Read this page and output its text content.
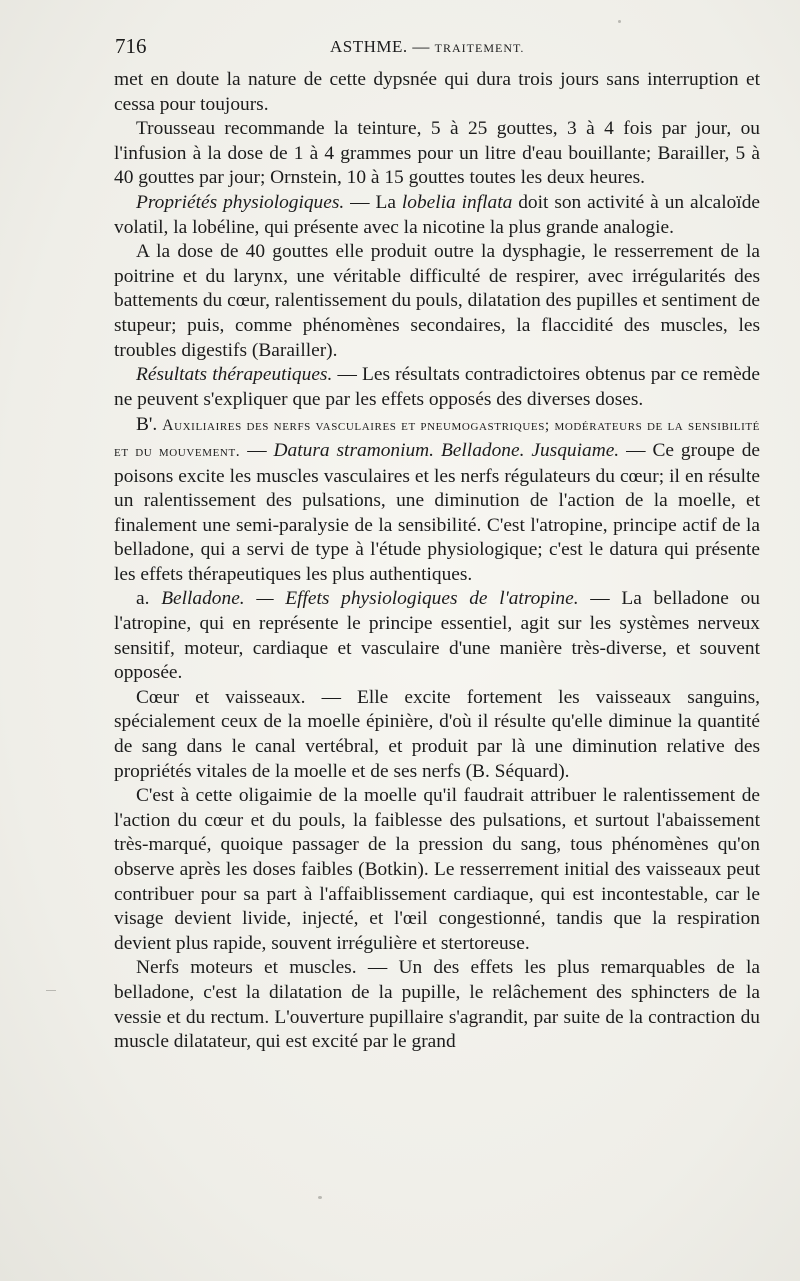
716	ASTHME. — TRAITEMENT.

met en doute la nature de cette dypsnée qui dura trois jours sans interruption et cessa pour toujours.

Trousseau recommande la teinture, 5 à 25 gouttes, 3 à 4 fois par jour, ou l'infusion à la dose de 1 à 4 grammes pour un litre d'eau bouillante; Barailler, 5 à 40 gouttes par jour; Ornstein, 10 à 15 gouttes toutes les deux heures.

Propriétés physiologiques. — La lobelia inflata doit son activité à un alcaloïde volatil, la lobéline, qui présente avec la nicotine la plus grande analogie.

A la dose de 40 gouttes elle produit outre la dysphagie, le resserrement de la poitrine et du larynx, une véritable difficulté de respirer, avec irrégularités des battements du cœur, ralentissement du pouls, dilatation des pupilles et sentiment de stupeur; puis, comme phénomènes secondaires, la flaccidité des muscles, les troubles digestifs (Barailler).

Résultats thérapeutiques. — Les résultats contradictoires obtenus par ce remède ne peuvent s'expliquer que par les effets opposés des diverses doses.

B'. Auxiliaires des nerfs vasculaires et pneumogastriques; modérateurs de la sensibilité et du mouvement. — Datura stramonium. Belladone. Jusquiame. — Ce groupe de poisons excite les muscles vasculaires et les nerfs régulateurs du cœur; il en résulte un ralentissement des pulsations, une diminution de l'action de la moelle, et finalement une semi-paralysie de la sensibilité. C'est l'atropine, principe actif de la belladone, qui a servi de type à l'étude physiologique; c'est le datura qui présente les effets thérapeutiques les plus authentiques.

a. Belladone. — Effets physiologiques de l'atropine. — La belladone ou l'atropine, qui en représente le principe essentiel, agit sur les systèmes nerveux sensitif, moteur, cardiaque et vasculaire d'une manière très-diverse, et souvent opposée.

Cœur et vaisseaux. — Elle excite fortement les vaisseaux sanguins, spécialement ceux de la moelle épinière, d'où il résulte qu'elle diminue la quantité de sang dans le canal vertébral, et produit par là une diminution relative des propriétés vitales de la moelle et de ses nerfs (B. Séquard).

C'est à cette oligaimie de la moelle qu'il faudrait attribuer le ralentissement de l'action du cœur et du pouls, la faiblesse des pulsations, et surtout l'abaissement très-marqué, quoique passager de la pression du sang, tous phénomènes qu'on observe après les doses faibles (Botkin). Le resserrement initial des vaisseaux peut contribuer pour sa part à l'affaiblissement cardiaque, qui est incontestable, car le visage devient livide, injecté, et l'œil congestionné, tandis que la respiration devient plus rapide, souvent irrégulière et stertoreuse.

Nerfs moteurs et muscles. — Un des effets les plus remarquables de la belladone, c'est la dilatation de la pupille, le relâchement des sphincters de la vessie et du rectum. L'ouverture pupillaire s'agrandit, par suite de la contraction du muscle dilatateur, qui est excité par le grand
